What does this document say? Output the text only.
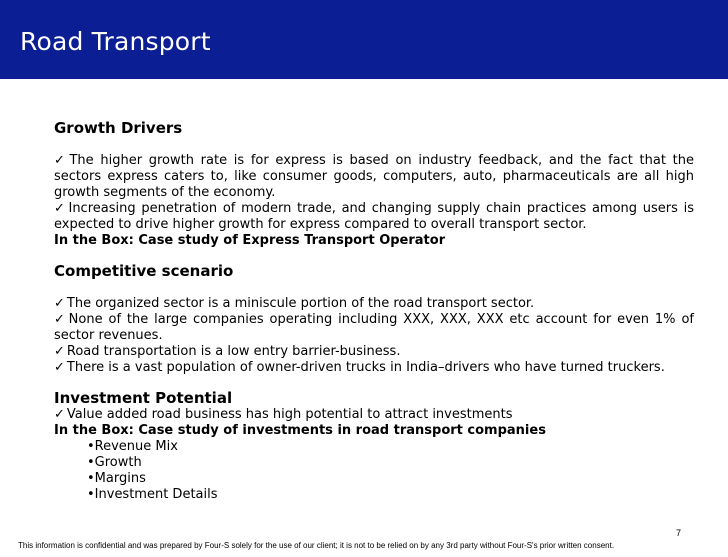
Road Transport
Growth Drivers
✓ The higher growth rate is for express is based on industry feedback, and the fact that the sectors express caters to, like consumer goods, computers, auto, pharmaceuticals are all high growth segments of the economy.
✓ Increasing penetration of modern trade, and changing supply chain practices among users is expected to drive higher growth for express compared to overall transport sector.
In the Box: Case study of Express Transport Operator
Competitive scenario
✓ The organized sector is a miniscule portion of the road transport sector.
✓ None of the large companies operating including XXX, XXX, XXX etc account for even 1% of sector revenues.
✓ Road transportation is a low entry barrier-business.
✓ There is a vast population of owner-driven trucks in India–drivers who have turned truckers.
Investment Potential
✓ Value added road business has high potential to attract investments
In the Box: Case study of investments in road transport companies
•Revenue Mix
•Growth
•Margins
•Investment Details
7
This information is confidential and was prepared by Four-S solely for the use of our client; it is not to be relied on by any 3rd party without Four-S's prior written consent.
